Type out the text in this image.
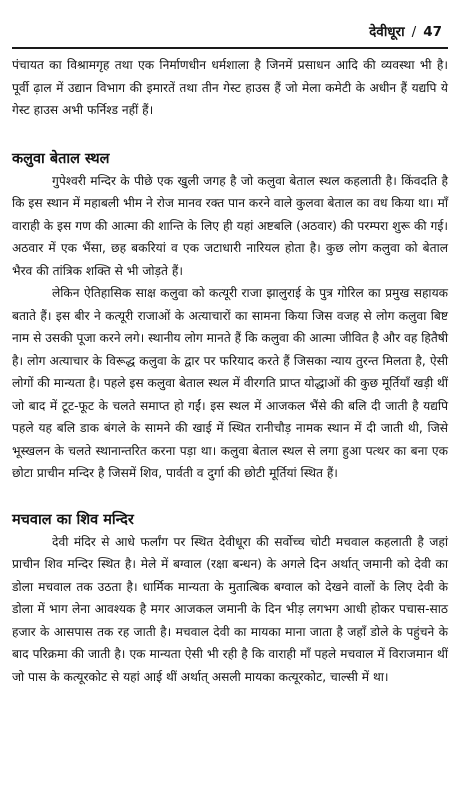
देवीधूरा / 47

पंचायत का विश्रामगृह तथा एक निर्माणधीन धर्मशाला है जिनमें प्रसाधन आदि की व्यवस्था भी है। पूर्वी ढ़ाल में उद्यान विभाग की इमारतें तथा तीन गेस्ट हाउस हैं जो मेला कमेटी के अधीन हैं यद्यपि ये गेस्ट हाउस अभी फर्निश्ड नहीं हैं।

कलुवा बेताल स्थल

गुपेश्वरी मन्दिर के पीछे एक खुली जगह है जो कलुवा बेताल स्थल कहलाती है। किंवदति है कि इस स्थान में महाबली भीम ने रोज मानव रक्त पान करने वाले कुलवा बेताल का वध किया था। माँ वाराही के इस गण की आत्मा की शान्ति के लिए ही यहां अष्टबलि (अठवार) की परम्परा शुरू की गई। अठवार में एक भैंसा, छह बकरियां व एक जटाधारी नारियल होता है। कुछ लोग कलुवा को बेताल भैरव की तांत्रिक शक्ति से भी जोड़ते हैं।

लेकिन ऐतिहासिक साक्ष कलुवा को कत्यूरी राजा झालुराई के पुत्र गोरिल का प्रमुख सहायक बताते हैं। इस बीर ने कत्यूरी राजाओं के अत्याचारों का सामना किया जिस वजह से लोग कलुवा बिष्ट नाम से उसकी पूजा करने लगे। स्थानीय लोग मानते हैं कि कलुवा की आत्मा जीवित है और वह हितैषी है। लोग अत्याचार के विरूद्ध कलुवा के द्वार पर फरियाद करते हैं जिसका न्याय तुरन्त मिलता है, ऐसी लोगों की मान्यता है। पहले इस कलुवा बेताल स्थल में वीरगति प्राप्त योद्धाओं की कुछ मूर्तियाँ खड़ी थीं जो बाद में टूट-फूट के चलते समाप्त हो गईं। इस स्थल में आजकल भैंसे की बलि दी जाती है यद्यपि पहले यह बलि डाक बंगले के सामने की खाई में स्थित रानीचौड़ नामक स्थान में दी जाती थी, जिसे भूस्खलन के चलते स्थानान्तरित करना पड़ा था। कलुवा बेताल स्थल से लगा हुआ पत्थर का बना एक छोटा प्राचीन मन्दिर है जिसमें शिव, पार्वती व दुर्गा की छोटी मूर्तियां स्थित हैं।

मचवाल का शिव मन्दिर

देवी मंदिर से आधे फर्लांग पर स्थित देवीधूरा की सर्वोच्च चोटी मचवाल कहलाती है जहां प्राचीन शिव मन्दिर स्थित है। मेले में बग्वाल (रक्षा बन्धन) के अगले दिन अर्थात् जमानी को देवी का डोला मचवाल तक उठता है। धार्मिक मान्यता के मुतात्बिक बग्वाल को देखने वालों के लिए देवी के डोला में भाग लेना आवश्यक है मगर आजकल जमानी के दिन भीड़ लगभग आधी होकर पचास-साठ हजार के आसपास तक रह जाती है। मचवाल देवी का मायका माना जाता है जहाँ डोले के पहुंचने के बाद परिक्रमा की जाती है। एक मान्यता ऐसी भी रही है कि वाराही माँ पहले मचवाल में विराजमान थीं जो पास के कत्यूरकोट से यहां आई थीं अर्थात् असली मायका कत्यूरकोट, चाल्सी में था।
